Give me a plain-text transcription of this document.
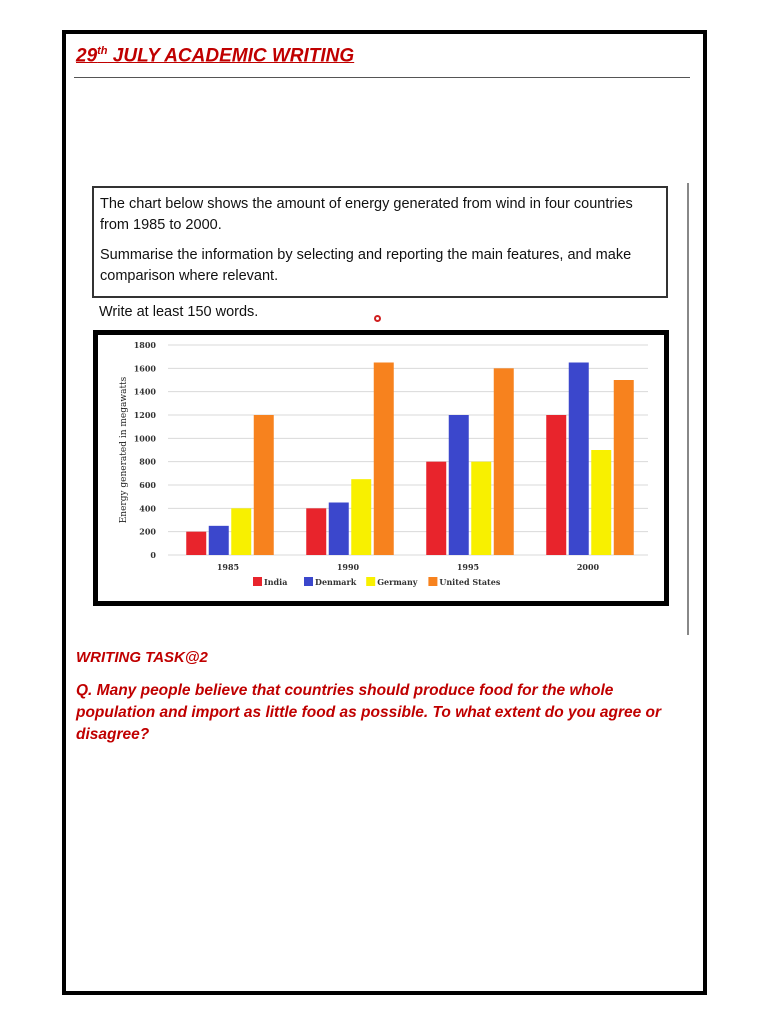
29th JULY ACADEMIC WRITING

The chart below shows the amount of energy generated from wind in four countries from 1985 to 2000.

Summarise the information by selecting and reporting the main features, and make comparison where relevant.

Write at least 150 words.
0
200
400
600
800
1000
1200
1400
1600
1800
Energy generated in megawatts
1985	1990	1995	2000
India	Denmark	Germany	United States
WRITING TASK@2
Q. Many people believe that countries should produce food for the whole population and import as little food as possible. To what extent do you agree or disagree?
